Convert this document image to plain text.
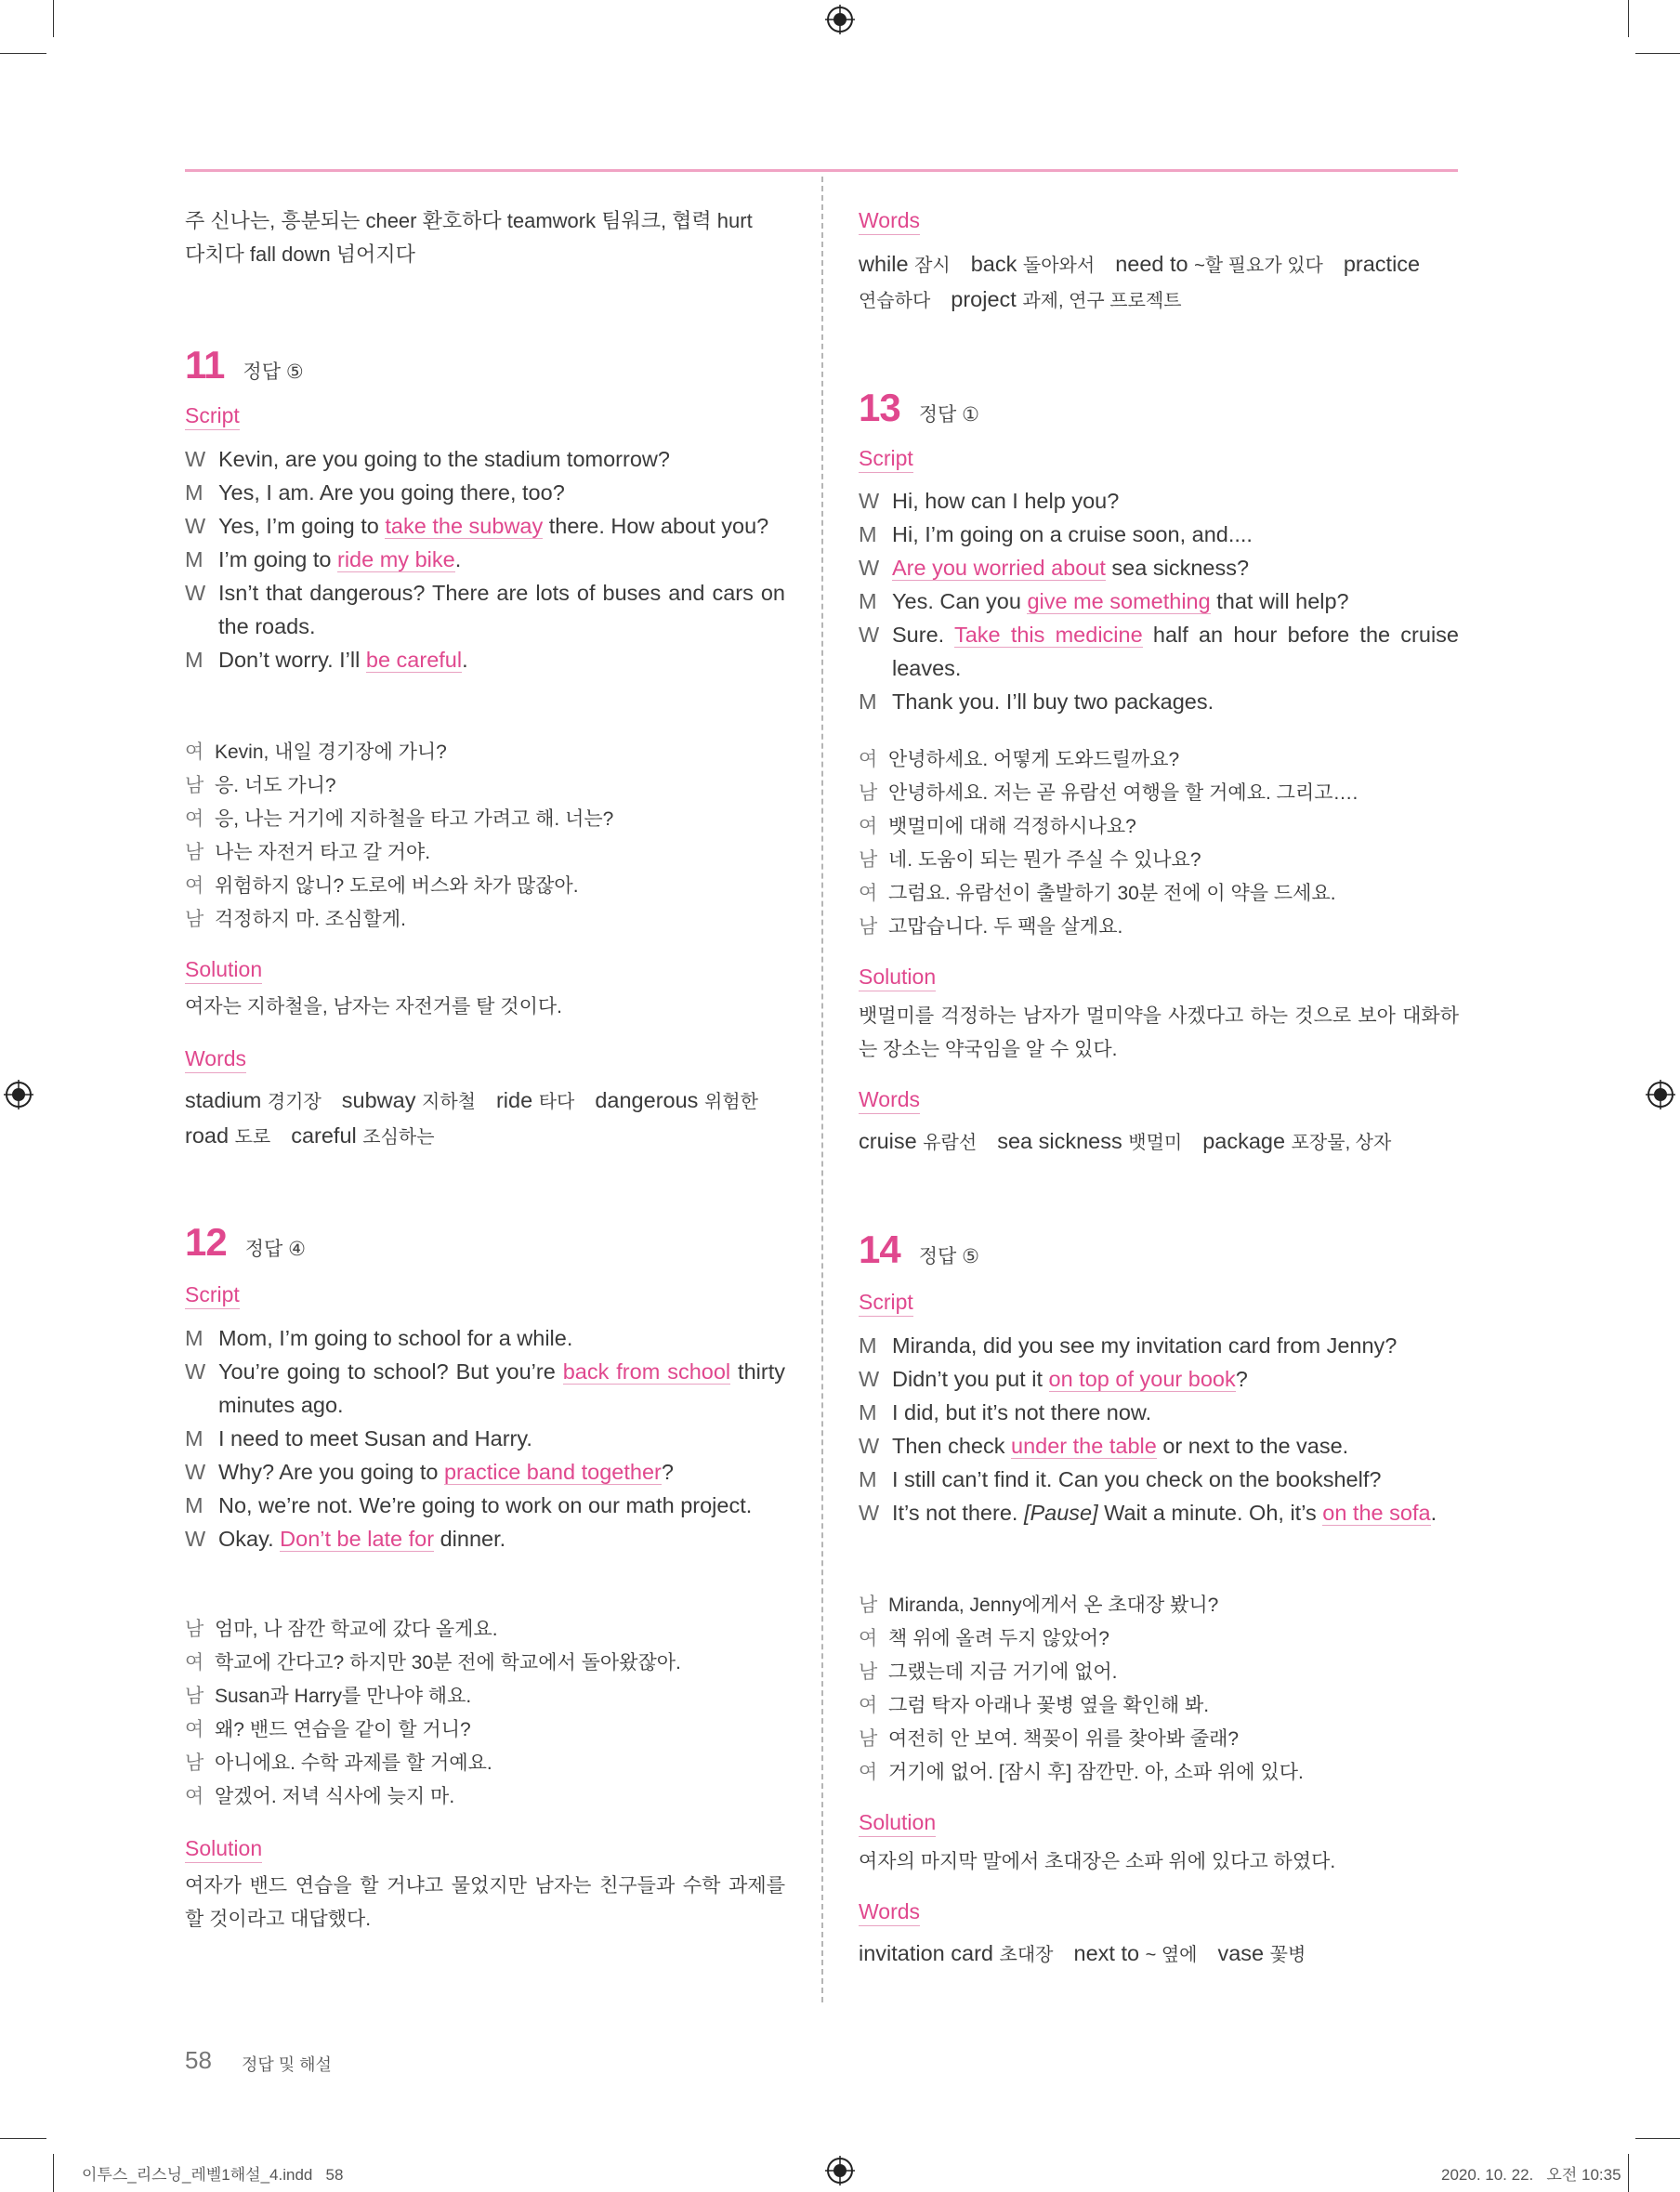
주 신나는, 흥분되는 cheer 환호하다 teamwork 팀워크, 협력 hurt
다치다 fall down 넘어지다
11 정답 ⑤
Script
W Kevin, are you going to the stadium tomorrow?
M Yes, I am. Are you going there, too?
W Yes, I’m going to take the subway there. How about you?
M I’m going to ride my bike.
W Isn’t that dangerous? There are lots of buses and cars on the roads.
M Don’t worry. I’ll be careful.
여 Kevin, 내일 경기장에 가니?
남 응. 너도 가니?
여 응, 나는 거기에 지하철을 타고 가려고 해. 너는?
남 나는 자전거 타고 갈 거야.
여 위험하지 않니? 도로에 버스와 차가 많잖아.
남 걱정하지 마. 조심할게.
Solution
여자는 지하철을, 남자는 자전거를 탈 것이다.
Words
stadium 경기장 subway 지하철 ride 타다 dangerous 위험한
road 도로 careful 조심하는
12 정답 ④
Script
M Mom, I’m going to school for a while.
W You’re going to school? But you’re back from school thirty minutes ago.
M I need to meet Susan and Harry.
W Why? Are you going to practice band together?
M No, we’re not. We’re going to work on our math project.
W Okay. Don’t be late for dinner.
남 엄마, 나 잠깐 학교에 갔다 올게요.
여 학교에 간다고? 하지만 30분 전에 학교에서 돌아왔잖아.
남 Susan과 Harry를 만나야 해요.
여 왜? 밴드 연습을 같이 할 거니?
남 아니에요. 수학 과제를 할 거예요.
여 알겠어. 저녁 식사에 늦지 마.
Solution
여자가 밴드 연습을 할 거냐고 물었지만 남자는 친구들과 수학 과제를 할 것이라고 대답했다.
Words
while 잠시 back 돌아와서 need to ~할 필요가 있다 practice
연습하다 project 과제, 연구 프로젝트
13 정답 ①
Script
W Hi, how can I help you?
M Hi, I’m going on a cruise soon, and....
W Are you worried about sea sickness?
M Yes. Can you give me something that will help?
W Sure. Take this medicine half an hour before the cruise leaves.
M Thank you. I’ll buy two packages.
여 안녕하세요. 어떻게 도와드릴까요?
남 안녕하세요. 저는 곧 유람선 여행을 할 거예요. 그리고….
여 뱃멀미에 대해 걱정하시나요?
남 네. 도움이 되는 뭔가 주실 수 있나요?
여 그럼요. 유람선이 출발하기 30분 전에 이 약을 드세요.
남 고맙습니다. 두 팩을 살게요.
Solution
뱃멀미를 걱정하는 남자가 멀미약을 사겠다고 하는 것으로 보아 대화하는 장소는 약국임을 알 수 있다.
Words
cruise 유람선 sea sickness 뱃멀미 package 포장물, 상자
14 정답 ⑤
Script
M Miranda, did you see my invitation card from Jenny?
W Didn’t you put it on top of your book?
M I did, but it’s not there now.
W Then check under the table or next to the vase.
M I still can’t find it. Can you check on the bookshelf?
W It’s not there. [Pause] Wait a minute. Oh, it’s on the sofa.
남 Miranda, Jenny에게서 온 초대장 봤니?
여 책 위에 올려 두지 않았어?
남 그랬는데 지금 거기에 없어.
여 그럼 탁자 아래나 꽃병 옆을 확인해 봐.
남 여전히 안 보여. 책꽂이 위를 찾아봐 줄래?
여 거기에 없어. [잠시 후] 잠깐만. 아, 소파 위에 있다.
Solution
여자의 마지막 말에서 초대장은 소파 위에 있다고 하였다.
Words
invitation card 초대장 next to ~ 옆에 vase 꽃병
58 정답 및 해설
이투스_리스닝_레벨1해설_4.indd   58	2020. 10. 22.   오전 10:35
